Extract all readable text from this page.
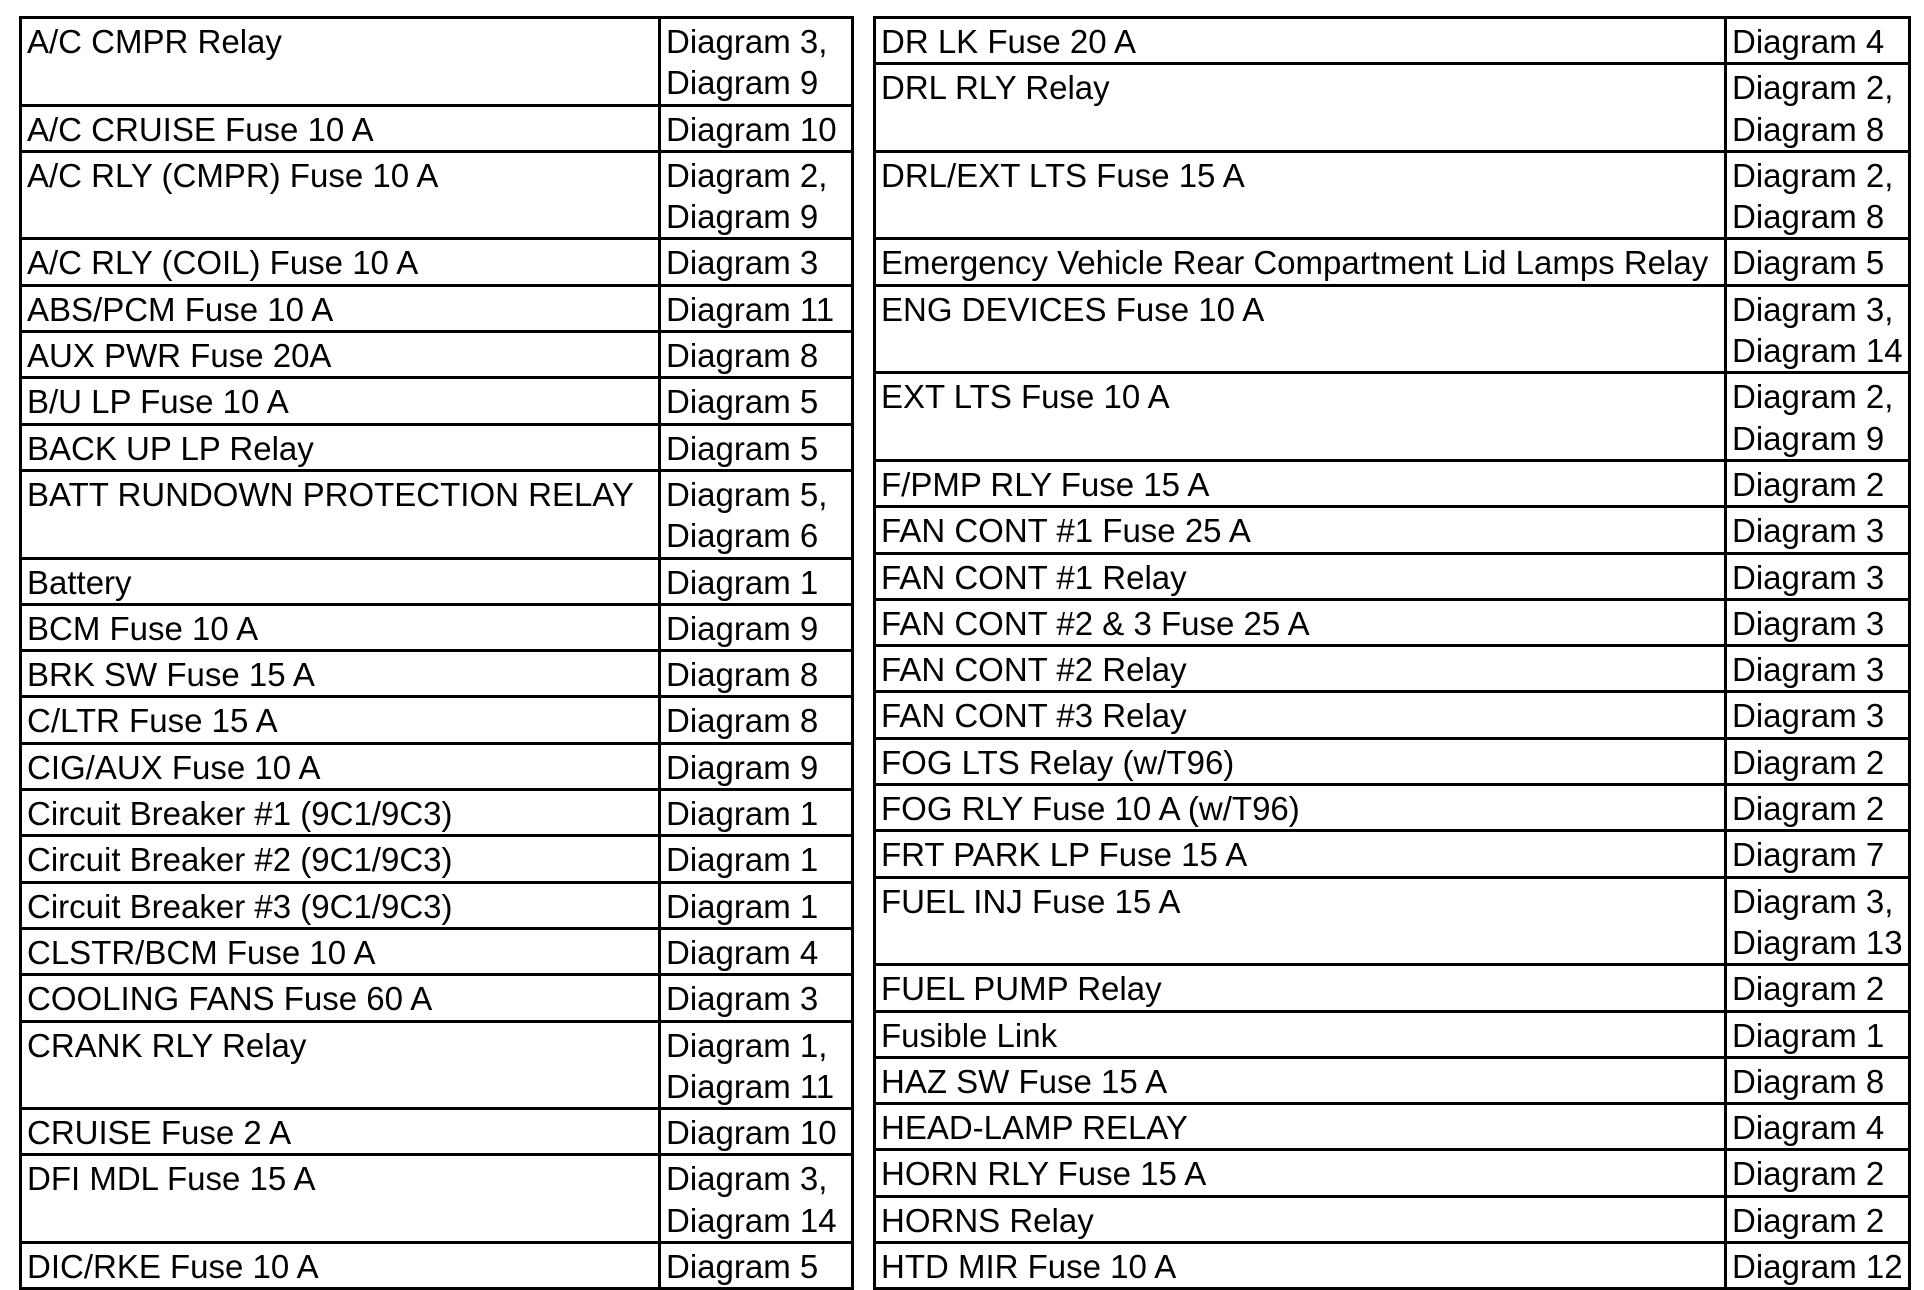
A/C CMPR Relay	Diagram 3,
Diagram 9

A/C CRUISE Fuse 10 A	Diagram 10

A/C RLY (CMPR) Fuse 10 A	Diagram 2,
Diagram 9

A/C RLY (COIL) Fuse 10 A	Diagram 3

ABS/PCM Fuse 10 A	Diagram 11

AUX PWR Fuse 20A	Diagram 8

B/U LP Fuse 10 A	Diagram 5

BACK UP LP Relay	Diagram 5

BATT RUNDOWN PROTECTION RELAY	Diagram 5,
Diagram 6

Battery	Diagram 1

BCM Fuse 10 A	Diagram 9

BRK SW Fuse 15 A	Diagram 8

C/LTR Fuse 15 A	Diagram 8

CIG/AUX Fuse 10 A	Diagram 9

Circuit Breaker #1 (9C1/9C3)	Diagram 1

Circuit Breaker #2 (9C1/9C3)	Diagram 1

Circuit Breaker #3 (9C1/9C3)	Diagram 1

CLSTR/BCM Fuse 10 A	Diagram 4

COOLING FANS Fuse 60 A	Diagram 3

CRANK RLY Relay	Diagram 1,
Diagram 11

CRUISE Fuse 2 A	Diagram 10

DFI MDL Fuse 15 A	Diagram 3,
Diagram 14

DIC/RKE Fuse 10 A	Diagram 5
DR LK Fuse 20 A	Diagram 4

DRL RLY Relay	Diagram 2,
Diagram 8

DRL/EXT LTS Fuse 15 A	Diagram 2,
Diagram 8

Emergency Vehicle Rear Compartment Lid Lamps Relay	Diagram 5

ENG DEVICES Fuse 10 A	Diagram 3,
Diagram 14

EXT LTS Fuse 10 A	Diagram 2,
Diagram 9

F/PMP RLY Fuse 15 A	Diagram 2

FAN CONT #1 Fuse 25 A	Diagram 3

FAN CONT #1 Relay	Diagram 3

FAN CONT #2 & 3 Fuse 25 A	Diagram 3

FAN CONT #2 Relay	Diagram 3

FAN CONT #3 Relay	Diagram 3

FOG LTS Relay (w/T96)	Diagram 2

FOG RLY Fuse 10 A (w/T96)	Diagram 2

FRT PARK LP Fuse 15 A	Diagram 7

FUEL INJ Fuse 15 A	Diagram 3,
Diagram 13

FUEL PUMP Relay	Diagram 2

Fusible Link	Diagram 1

HAZ SW Fuse 15 A	Diagram 8

HEAD-LAMP RELAY	Diagram 4

HORN RLY Fuse 15 A	Diagram 2

HORNS Relay	Diagram 2

HTD MIR Fuse 10 A	Diagram 12
